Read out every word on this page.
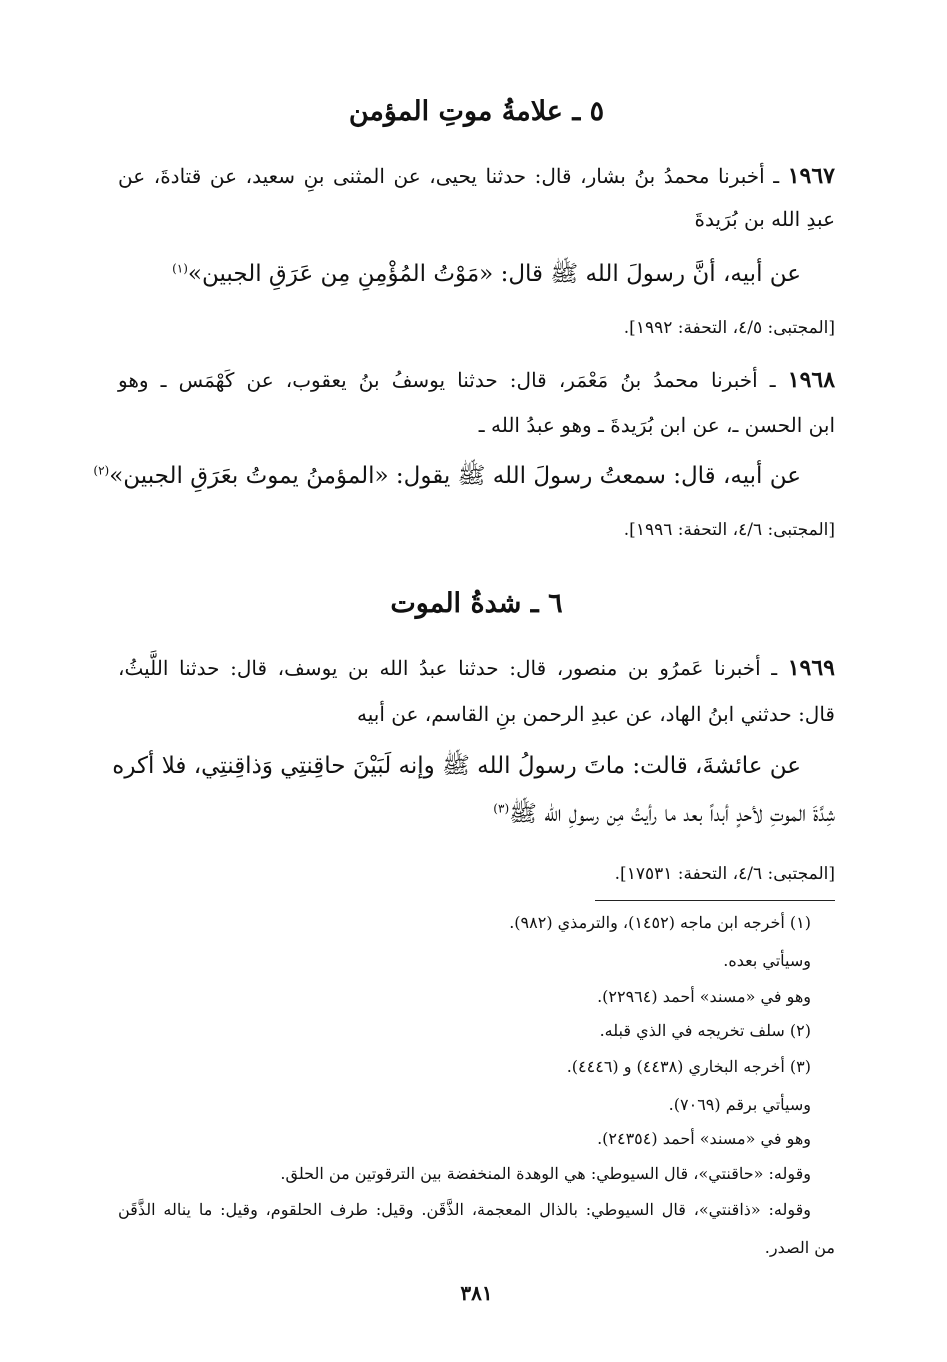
٥ ـ علامةُ موتِ المؤمن
١٩٦٧ ـ أخبرنا محمدُ بنُ بشار، قال: حدثنا يحيى، عن المثنى بنِ سعيد، عن قتادةَ، عن
عبدِ الله بن بُرَيدةَ
عن أبيه، أنَّ رسولَ الله ﷺ قال: «مَوْتُ المُؤْمِنِ مِن عَرَقِ الجبين»$^{(١)}$
[المجتبى: ٤/٥، التحفة: ١٩٩٢].
١٩٦٨ ـ أخبرنا محمدُ بنُ مَعْمَر، قال: حدثنا يوسفُ بنُ يعقوب، عن كَهْمَس ـ وهو
ابن الحسن ـ، عن ابن بُرَيدةَ ـ وهو عبدُ الله ـ
عن أبيه، قال: سمعتُ رسولَ الله ﷺ يقول: «المؤمنُ يموتُ بعَرَقِ الجبين»$^{(٢)}$
[المجتبى: ٤/٦، التحفة: ١٩٩٦].
٦ ـ شدةُ الموت
١٩٦٩ ـ أخبرنا عَمرُو بن منصور، قال: حدثنا عبدُ الله بن يوسف، قال: حدثنا اللَّيثُ،
قال: حدثني ابنُ الهاد، عن عبدِ الرحمن بنِ القاسم، عن أبيه
عن عائشةَ، قالت: ماتَ رسولُ الله ﷺ وإنه لَبَيْنَ حاقِنتِي وَذاقِنتِي، فلا أكره
شِدَّةَ الموتِ لأحدٍ أبداً بعد ما رأيتُ مِن رسولِ الله ﷺ$^{(٣)}$
[المجتبى: ٤/٦، التحفة: ١٧٥٣١].
(١) أخرجه ابن ماجه (١٤٥٢)، والترمذي (٩٨٢).
وسيأتي بعده.
وهو في «مسند» أحمد (٢٢٩٦٤).
(٢) سلف تخريجه في الذي قبله.
(٣) أخرجه البخاري (٤٤٣٨) و (٤٤٤٦).
وسيأتي برقم (٧٠٦٩).
وهو في «مسند» أحمد (٢٤٣٥٤).
وقوله: «حاقنتي»، قال السيوطي: هي الوهدة المنخفضة بين الترقوتين من الحلق.
وقوله: «ذاقنتي»، قال السيوطي: بالذال المعجمة، الذَّقَن. وقيل: طرف الحلقوم، وقيل: ما يناله الذَّقَن
من الصدر.
٣٨١
